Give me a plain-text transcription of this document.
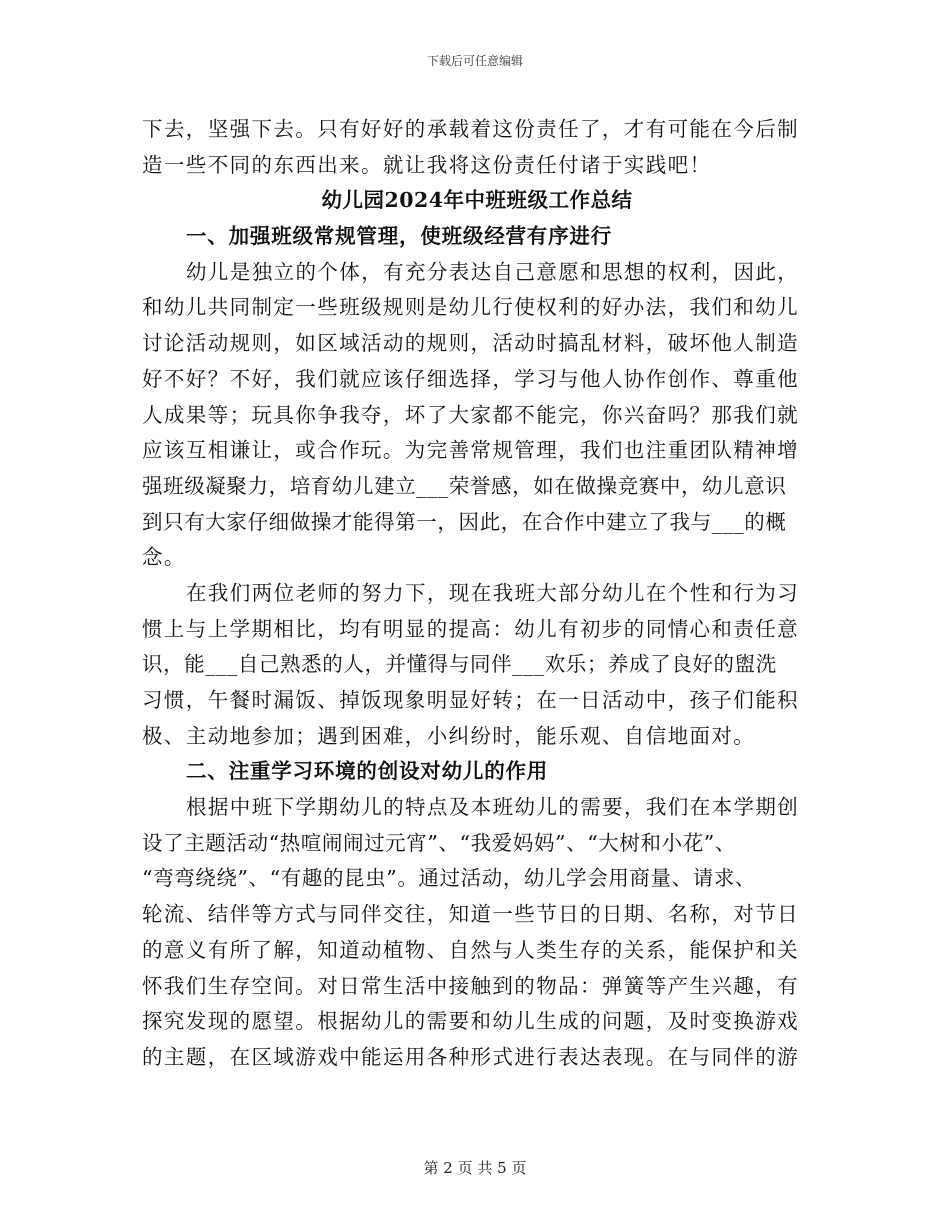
下载后可任意编辑
下去，坚强下去。只有好好的承载着这份责任了，才有可能在今后制
造一些不同的东西出来。就让我将这份责任付诸于实践吧！
幼儿园2024年中班班级工作总结
一、加强班级常规管理，使班级经营有序进行
幼儿是独立的个体，有充分表达自己意愿和思想的权利，因此，
和幼儿共同制定一些班级规则是幼儿行使权利的好办法，我们和幼儿
讨论活动规则，如区域活动的规则，活动时搞乱材料，破坏他人制造
好不好？不好，我们就应该仔细选择，学习与他人协作创作、尊重他
人成果等；玩具你争我夺，坏了大家都不能完，你兴奋吗？那我们就
应该互相谦让，或合作玩。为完善常规管理，我们也注重团队精神增
强班级凝聚力，培育幼儿建立___荣誉感，如在做操竞赛中，幼儿意识
到只有大家仔细做操才能得第一，因此，在合作中建立了我与___的概
念。
在我们两位老师的努力下，现在我班大部分幼儿在个性和行为习
惯上与上学期相比，均有明显的提高：幼儿有初步的同情心和责任意
识，能___自己熟悉的人，并懂得与同伴___欢乐；养成了良好的盥洗
习惯，午餐时漏饭、掉饭现象明显好转；在一日活动中，孩子们能积
极、主动地参加；遇到困难，小纠纷时，能乐观、自信地面对。
二、注重学习环境的创设对幼儿的作用
根据中班下学期幼儿的特点及本班幼儿的需要，我们在本学期创
设了主题活动“热喧闹闹过元宵”、“我爱妈妈”、“大树和小花”、
“弯弯绕绕”、“有趣的昆虫”。通过活动，幼儿学会用商量、请求、
轮流、结伴等方式与同伴交往，知道一些节日的日期、名称，对节日
的意义有所了解，知道动植物、自然与人类生存的关系，能保护和关
怀我们生存空间。对日常生活中接触到的物品：弹簧等产生兴趣，有
探究发现的愿望。根据幼儿的需要和幼儿生成的问题，及时变换游戏
的主题，在区域游戏中能运用各种形式进行表达表现。在与同伴的游
第 2 页 共 5 页
